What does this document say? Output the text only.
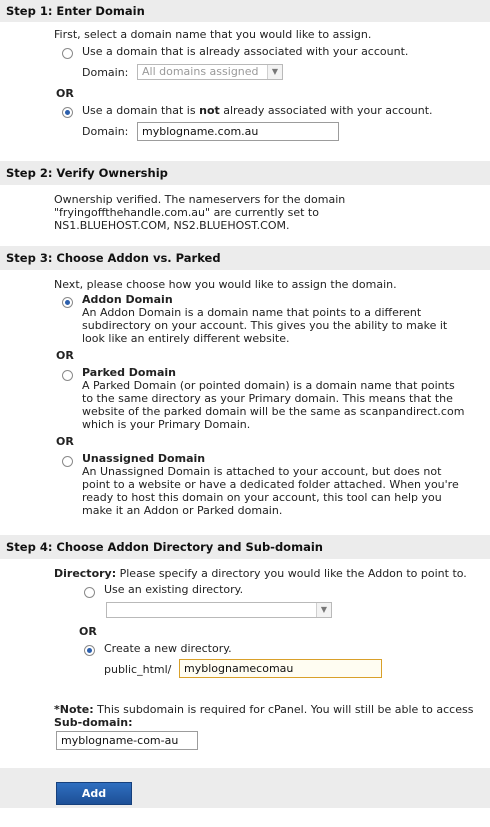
Step 1: Enter Domain
First, select a domain name that you would like to assign.
Use a domain that is already associated with your account.
Domain:	All domains assigned	▼
OR
Use a domain that is not already associated with your account.
Domain:	myblogname.com.au
Step 2: Verify Ownership
Ownership verified. The nameservers for the domain
"fryingoffthehandle.com.au" are currently set to
NS1.BLUEHOST.COM, NS2.BLUEHOST.COM.
Step 3: Choose Addon vs. Parked
Next, please choose how you would like to assign the domain.
Addon Domain
An Addon Domain is a domain name that points to a different
subdirectory on your account. This gives you the ability to make it
look like an entirely different website.
OR
Parked Domain
A Parked Domain (or pointed domain) is a domain name that points
to the same directory as your Primary domain. This means that the
website of the parked domain will be the same as scanpandirect.com
which is your Primary Domain.
OR
Unassigned Domain
An Unassigned Domain is attached to your account, but does not
point to a website or have a dedicated folder attached. When you're
ready to host this domain on your account, this tool can help you
make it an Addon or Parked domain.
Step 4: Choose Addon Directory and Sub-domain
Directory: Please specify a directory you would like the Addon to point to.
Use an existing directory.
▼
OR
Create a new directory.
public_html/	myblognamecomau
*Note: This subdomain is required for cPanel. You will still be able to access
Sub-domain:
myblogname-com-au
Add Domain
